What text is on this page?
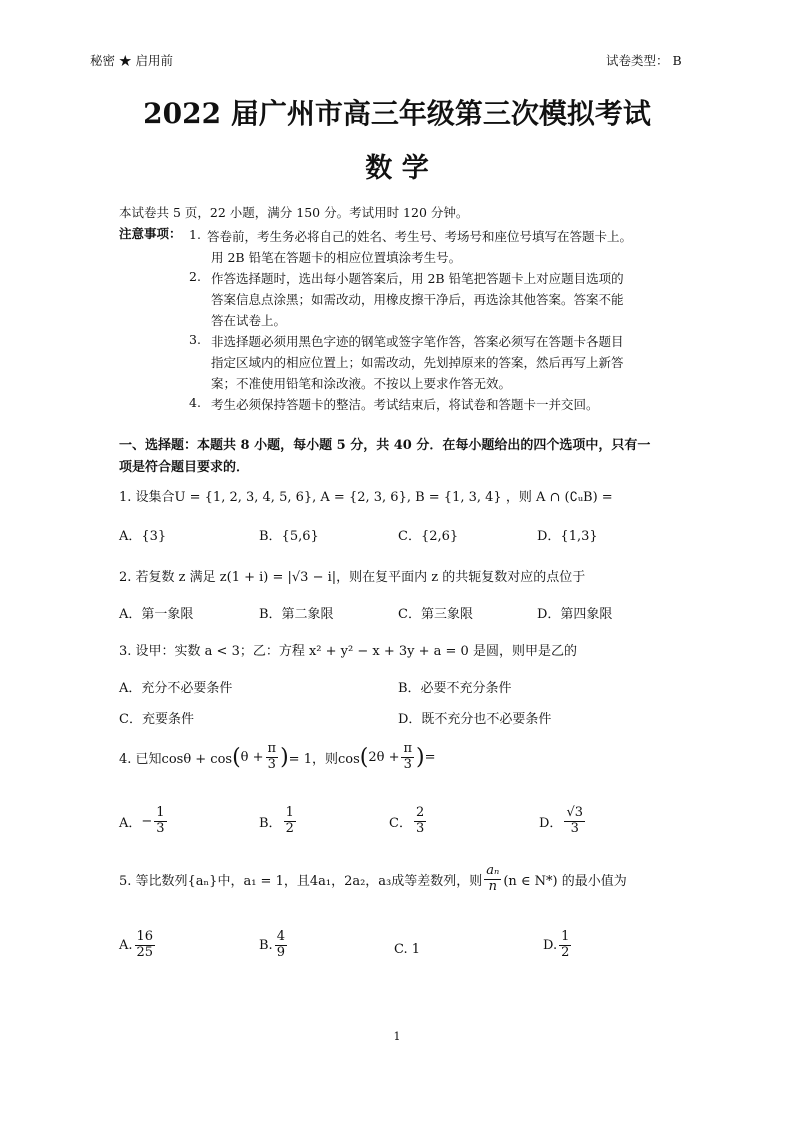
秘密 ★ 启用前	试卷类型： B
2022 届广州市高三年级第三次模拟考试
数 学
本试卷共 5 页，22 小题，满分 150 分。考试用时 120 分钟。
注意事项： 1. 答卷前，考生务必将自己的姓名、考生号、考场号和座位号填写在答题卡上。
用 2B 铅笔在答题卡的相应位置填涂考生号。
2. 作答选择题时，选出每小题答案后，用 2B 铅笔把答题卡上对应题目选项的
答案信息点涂黑；如需改动，用橡皮擦干净后，再选涂其他答案。答案不能
答在试卷上。
3. 非选择题必须用黑色字迹的钢笔或签字笔作答，答案必须写在答题卡各题目
指定区域内的相应位置上；如需改动，先划掉原来的答案，然后再写上新答
案；不准使用铅笔和涂改液。不按以上要求作答无效。
4. 考生必须保持答题卡的整洁。考试结束后，将试卷和答题卡一并交回。
一、选择题：本题共 8 小题，每小题 5 分，共 40 分．在每小题给出的四个选项中，只有一
项是符合题目要求的．
1. 设集合U = {1, 2, 3, 4, 5, 6}, A = {2, 3, 6}, B = {1, 3, 4} ，则 A ∩ (∁ᵤB) =
A．{3}	B．{5,6}	C．{2,6}	D．{1,3}
2. 若复数 z 满足 z(1 + i) = |√3 − i|，则在复平面内 z 的共轭复数对应的点位于
A．第一象限	B．第二象限	C．第三象限	D．第四象限
3. 设甲：实数 a < 3；乙：方程 x² + y² − x + 3y + a = 0 是圆，则甲是乙的
A．充分不必要条件	B．必要不充分条件
C．充要条件	D．既不充分也不必要条件
4. 已知cosθ + cos ( $\theta + \frac{\pi}{3}$ ) = 1，则cos ( $2\theta + \frac{\pi}{3}$ ) =
A． − $\frac{1}{3}$	B． $\frac{1}{2}$	C． $\frac{2}{3}$	D． $\frac{√3}{3}$
5. 等比数列{aₙ}中，a₁ = 1，且4a₁，2a₂，a₃成等差数列，则 $\frac{\text{aₙ}}{n} (n$ ∈ N*) 的最小值为
A. $\frac{16}{25}$	B. $\frac{4}{9}$	C. 1	D. $\frac{1}{2}$
1
